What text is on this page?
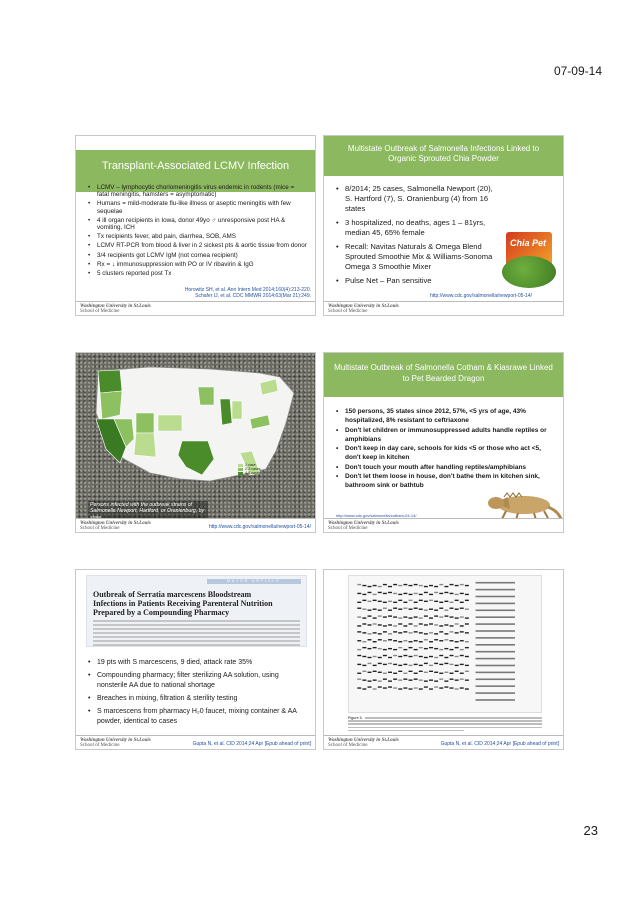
07-09-14
Transplant-Associated LCMV Infection
• LCMV – lymphocytic choriomeningitis virus endemic in rodents (mice = fatal meningitis, hamsters = asymptomatic)
• Humans = mild-moderate flu-like illness or aseptic meningitis with few sequelae
• 4 ill organ recipients in Iowa, donor 49yo ♂ unresponsive post HA & vomiting, ICH
• Tx recipients fever, abd pain, diarrhea, SOB, AMS
• LCMV RT-PCR from blood & liver in 2 sickest pts & aortic tissue from donor
• 3/4 recipients got LCMV IgM (not cornea recipient)
• Rx = ↓ immunosuppression with PO or IV ribavirin & IgG
• 5 clusters reported post Tx
Horowitz SH, et al. Ann Intern Med 2014;160(4):213-220.
Schafer IJ, et al. CDC MMWR 2014;63(Mar 21):249.
Washington University in St.Louis
School of Medicine
Multistate Outbreak of Salmonella Infections Linked to Organic Sprouted Chia Powder
• 8/2014; 25 cases, Salmonella Newport (20), S. Hartford (7), S. Oranienburg (4) from 16 states
• 3 hospitalized, no deaths, ages 1 – 81yrs, median 45, 65% female
• Recall: Navitas Naturals & Omega Blend Sprouted Smoothie Mix & Williams-Sonoma Omega 3 Smoothie Mixer
• Pulse Net – Pan sensitive
Chia Pet
http://www.cdc.gov/salmonella/newport-05-14/
Washington University in St.Louis
School of Medicine
1 case
2-3 cases
4-5 cases
Persons infected with the outbreak strains of Salmonella Newport, Hartford, or Oranienburg, by
Washington University in St.Louis
School of Medicine	http://www.cdc.gov/salmonella/newport-05-14/
Multistate Outbreak of Salmonella Cotham & Kiasrawe Linked to Pet Bearded Dragon
• 150 persons, 35 states since 2012, 57%, <5 yrs of age, 43% hospitalized, 8% resistant to ceftriaxone
• Don't let children or immunosuppressed adults handle reptiles or amphibians
• Don't keep in day care, schools for kids <5 or those who act <5, don't keep in kitchen
• Don't touch your mouth after handling reptiles/amphibians
• Don't let them loose in house, don't bathe them in kitchen sink, bathroom sink or bathtub
http://www.cdc.gov/salmonella/cotham-04-14/
Washington University in St.Louis
School of Medicine
MAJOR ARTICLE
Outbreak of Serratia marcescens Bloodstream Infections in Patients Receiving Parenteral Nutrition Prepared by a Compounding Pharmacy
• 19 pts with S marcescens, 9 died, attack rate 35%
• Compounding pharmacy; filter sterilizing AA solution, using nonsterile AA due to national shortage
• Breaches in mixing, filtration & sterility testing
• S marcescens from pharmacy H₂0 faucet, mixing container & AA powder, identical to cases
Washington University in St.Louis
School of Medicine	Gupta N, et al. CID 2014;24 Apr [Epub ahead of print]
Figure 3.
Washington University in St.Louis
School of Medicine	Gupta N, et al. CID 2014;24 Apr [Epub ahead of print]
23
